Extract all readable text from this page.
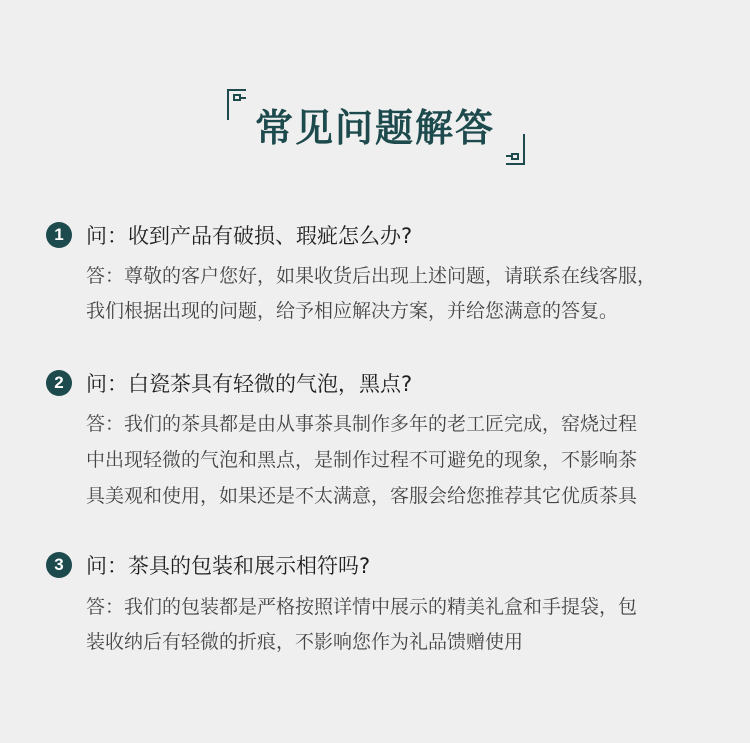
常见问题解答
1	问：收到产品有破损、瑕疵怎么办?
答：尊敬的客户您好，如果收货后出现上述问题，请联系在线客服，
我们根据出现的问题，给予相应解决方案，并给您满意的答复。
2	问：白瓷茶具有轻微的气泡，黑点?
答：我们的茶具都是由从事茶具制作多年的老工匠完成，窑烧过程
中出现轻微的气泡和黑点，是制作过程不可避免的现象，不影响茶
具美观和使用，如果还是不太满意，客服会给您推荐其它优质茶具
3	问：茶具的包装和展示相符吗?
答：我们的包装都是严格按照详情中展示的精美礼盒和手提袋，包
装收纳后有轻微的折痕，不影响您作为礼品馈赠使用
